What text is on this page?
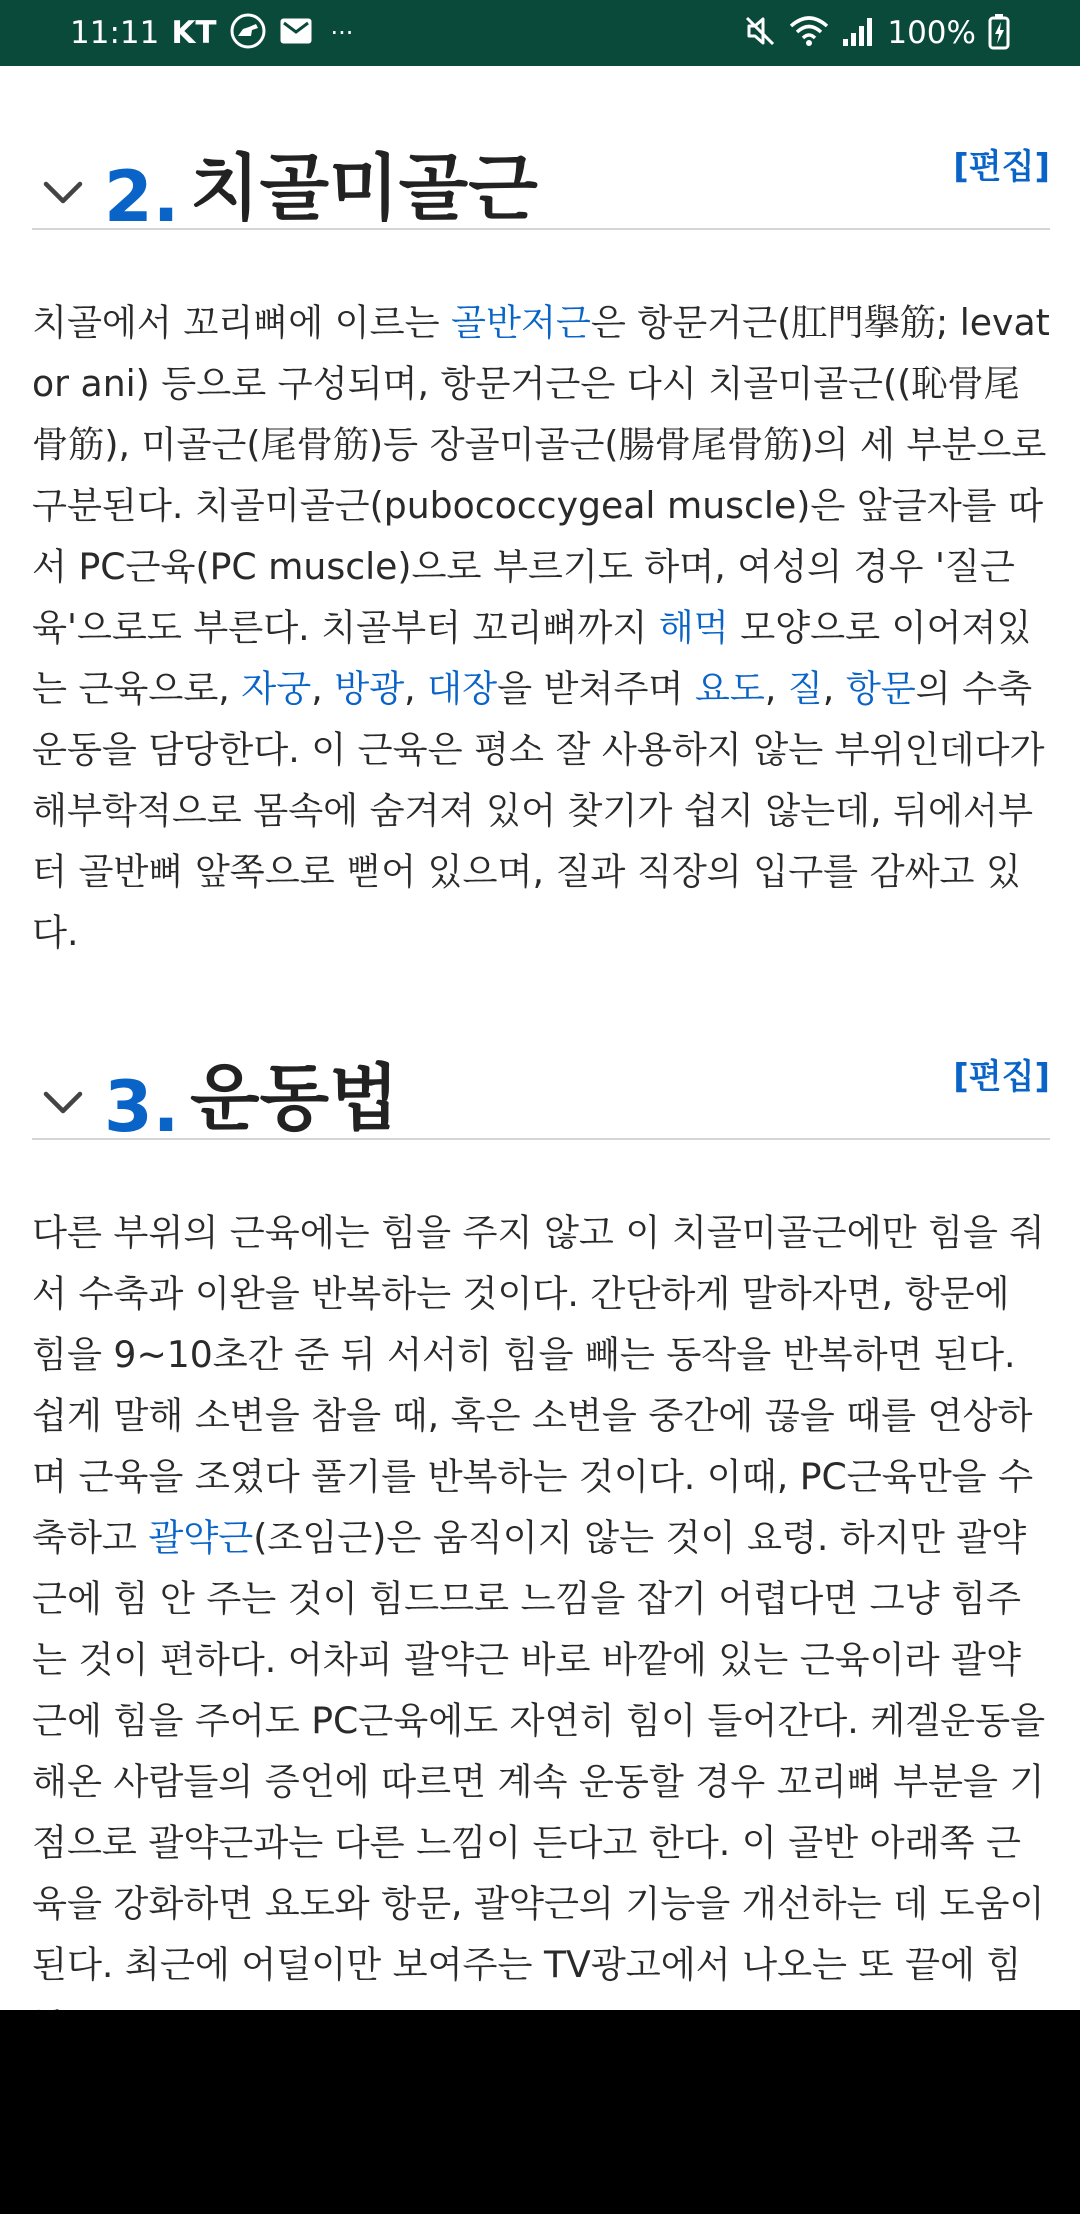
11:11 KT	···	100%
2. 치골미골근	[편집]

치골에서 꼬리뼈에 이르는 골반저근은 항문거근(肛門擧筋; levator ani) 등으로 구성되며, 항문거근은 다시 치골미골근((恥骨尾骨筋), 미골근(尾骨筋)등 장골미골근(腸骨尾骨筋)의 세 부분으로 구분된다. 치골미골근(pubococcygeal muscle)은 앞글자를 따서 PC근육(PC muscle)으로 부르기도 하며, 여성의 경우 '질근육'으로도 부른다. 치골부터 꼬리뼈까지 해먹 모양으로 이어져있는 근육으로, 자궁, 방광, 대장을 받쳐주며 요도, 질, 항문의 수축운동을 담당한다. 이 근육은 평소 잘 사용하지 않는 부위인데다가 해부학적으로 몸속에 숨겨져 있어 찾기가 쉽지 않는데, 뒤에서부터 골반뼈 앞쪽으로 뻗어 있으며, 질과 직장의 입구를 감싸고 있다.

3. 운동법	[편집]

다른 부위의 근육에는 힘을 주지 않고 이 치골미골근에만 힘을 줘서 수축과 이완을 반복하는 것이다. 간단하게 말하자면, 항문에 힘을 9~10초간 준 뒤 서서히 힘을 빼는 동작을 반복하면 된다. 쉽게 말해 소변을 참을 때, 혹은 소변을 중간에 끊을 때를 연상하며 근육을 조였다 풀기를 반복하는 것이다. 이때, PC근육만을 수축하고 괄약근(조임근)은 움직이지 않는 것이 요령. 하지만 괄약근에 힘 안 주는 것이 힘드므로 느낌을 잡기 어렵다면 그냥 힘주는 것이 편하다. 어차피 괄약근 바로 바깥에 있는 근육이라 괄약근에 힘을 주어도 PC근육에도 자연히 힘이 들어간다. 케겔운동을 해온 사람들의 증언에 따르면 계속 운동할 경우 꼬리뼈 부분을 기점으로 괄약근과는 다른 느낌이 든다고 한다. 이 골반 아래쪽 근육을 강화하면 요도와 항문, 괄약근의 기능을 개선하는 데 도움이 된다. 최근에 어덜이만 보여주는 TV광고에서 나오는 또 끝에 힘
